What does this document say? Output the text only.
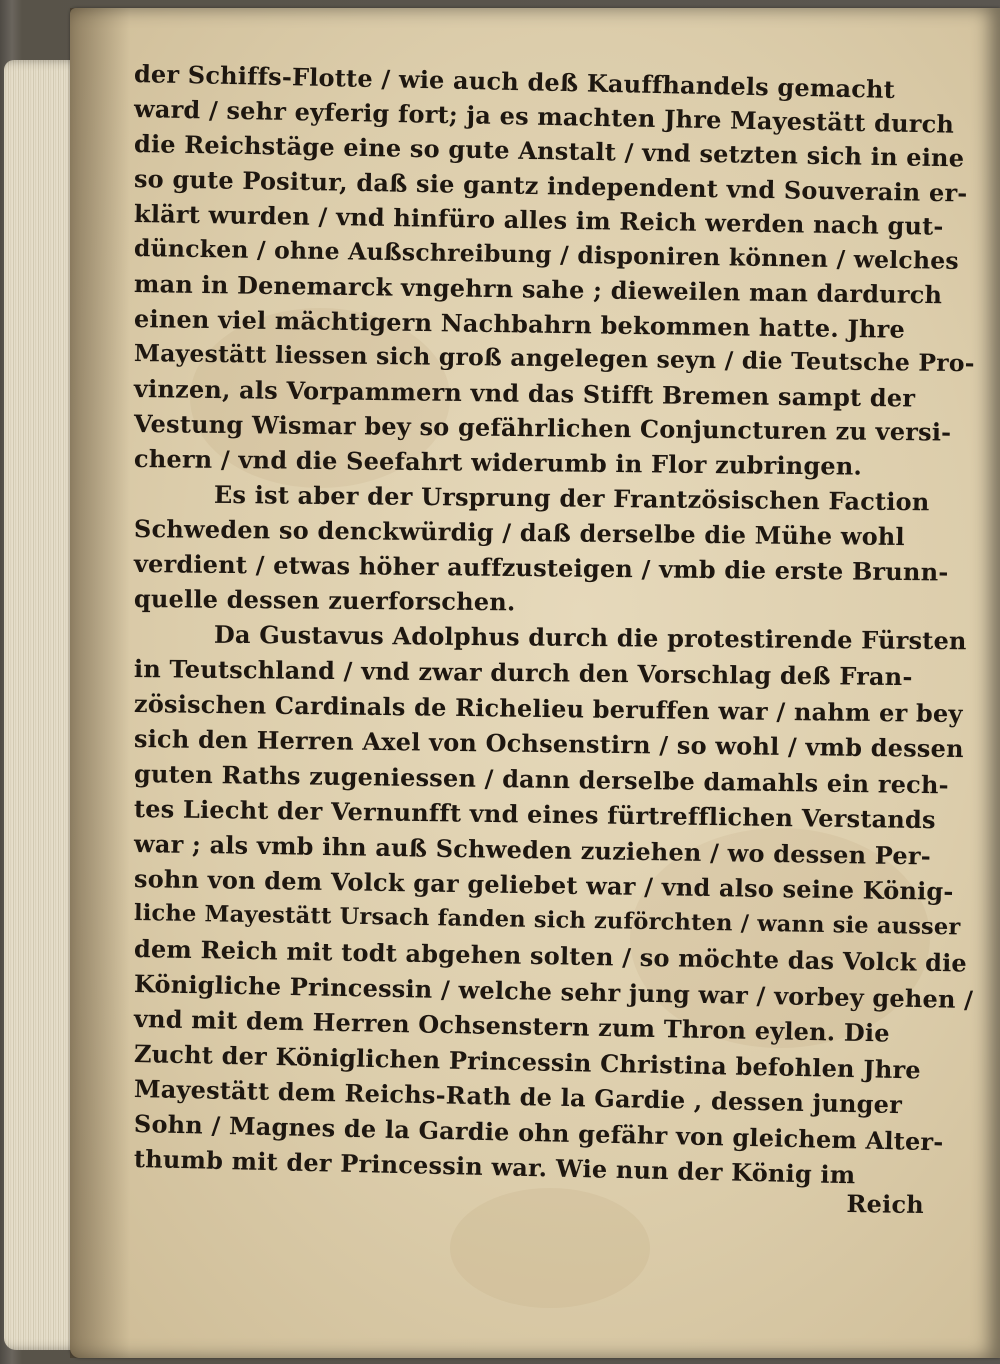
der Schiffs-Flotte / wie auch deß Kauffhandels gemacht
ward / sehr eyferig fort; ja es machten Jhre Mayestätt durch
die Reichstäge eine so gute Anstalt / vnd setzten sich in eine
so gute Positur, daß sie gantz independent vnd Souverain er-
klärt wurden / vnd hinfüro alles im Reich werden nach gut-
düncken / ohne Außschreibung / disponiren können / welches
man in Denemarck vngehrn sahe ; dieweilen man dardurch
einen viel mächtigern Nachbahrn bekommen hatte. Jhre
Mayestätt liessen sich groß angelegen seyn / die Teutsche Pro-
vinzen, als Vorpammern vnd das Stifft Bremen sampt der
Vestung Wismar bey so gefährlichen Conjuncturen zu versi-
chern / vnd die Seefahrt widerumb in Flor zubringen.
Es ist aber der Ursprung der Frantzösischen Faction
Schweden so denckwürdig / daß derselbe die Mühe wohl
verdient / etwas höher auffzusteigen / vmb die erste Brunn-
quelle dessen zuerforschen.
Da Gustavus Adolphus durch die protestirende Fürsten
in Teutschland / vnd zwar durch den Vorschlag deß Fran-
zösischen Cardinals de Richelieu beruffen war / nahm er bey
sich den Herren Axel von Ochsenstirn / so wohl / vmb dessen
guten Raths zugeniessen / dann derselbe damahls ein rech-
tes Liecht der Vernunfft vnd eines fürtrefflichen Verstands
war ; als vmb ihn auß Schweden zuziehen / wo dessen Per-
sohn von dem Volck gar geliebet war / vnd also seine König-
liche Mayestätt Ursach fanden sich zuförchten / wann sie ausser
dem Reich mit todt abgehen solten / so möchte das Volck die
Königliche Princessin / welche sehr jung war / vorbey gehen /
vnd mit dem Herren Ochsenstern zum Thron eylen. Die
Zucht der Königlichen Princessin Christina befohlen Jhre
Mayestätt dem Reichs-Rath de la Gardie , dessen junger
Sohn / Magnes de la Gardie ohn gefähr von gleichem Alter-
thumb mit der Princessin war. Wie nun der König im
Reich
